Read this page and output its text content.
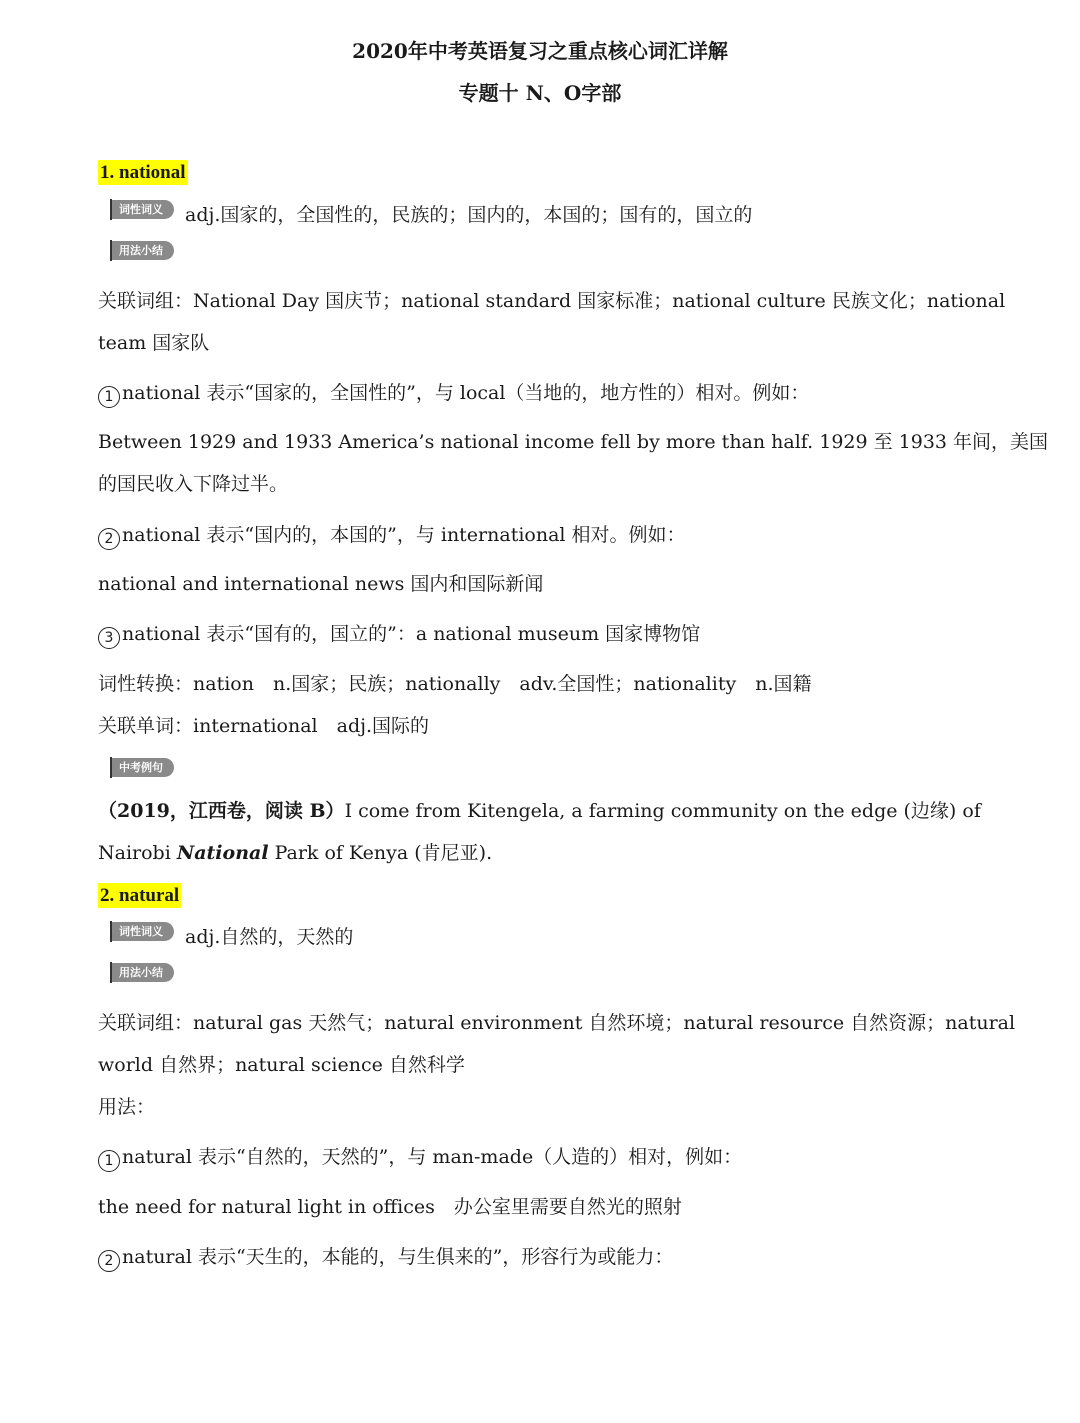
2020年中考英语复习之重点核心词汇详解
专题十 N、O字部
1. national
词性词义	adj.国家的，全国性的，民族的；国内的，本国的；国有的，国立的
用法小结
关联词组：National Day 国庆节；national standard 国家标准；national culture 民族文化；national
team 国家队
1 national 表示“国家的，全国性的”，与 local（当地的，地方性的）相对。例如：
Between 1929 and 1933 America’s national income fell by more than half. 1929 至 1933 年间，美国
的国民收入下降过半。
2 national 表示“国内的，本国的”，与 international 相对。例如：
national and international news 国内和国际新闻
3 national 表示“国有的，国立的”：a national museum 国家博物馆
词性转换：nation　n.国家；民族；nationally　adv.全国性；nationality　n.国籍
关联单词：international　adj.国际的
中考例句
（2019，江西卷，阅读 B）I come from Kitengela, a farming community on the edge (边缘) of
Nairobi National Park of Kenya (肯尼亚).
2. natural
词性词义	adj.自然的，天然的
用法小结
关联词组：natural gas 天然气；natural environment 自然环境；natural resource 自然资源；natural
world 自然界；natural science 自然科学
用法：
1 natural 表示“自然的，天然的”，与 man-made（人造的）相对，例如：
the need for natural light in offices　办公室里需要自然光的照射
2 natural 表示“天生的，本能的，与生俱来的”，形容行为或能力：
